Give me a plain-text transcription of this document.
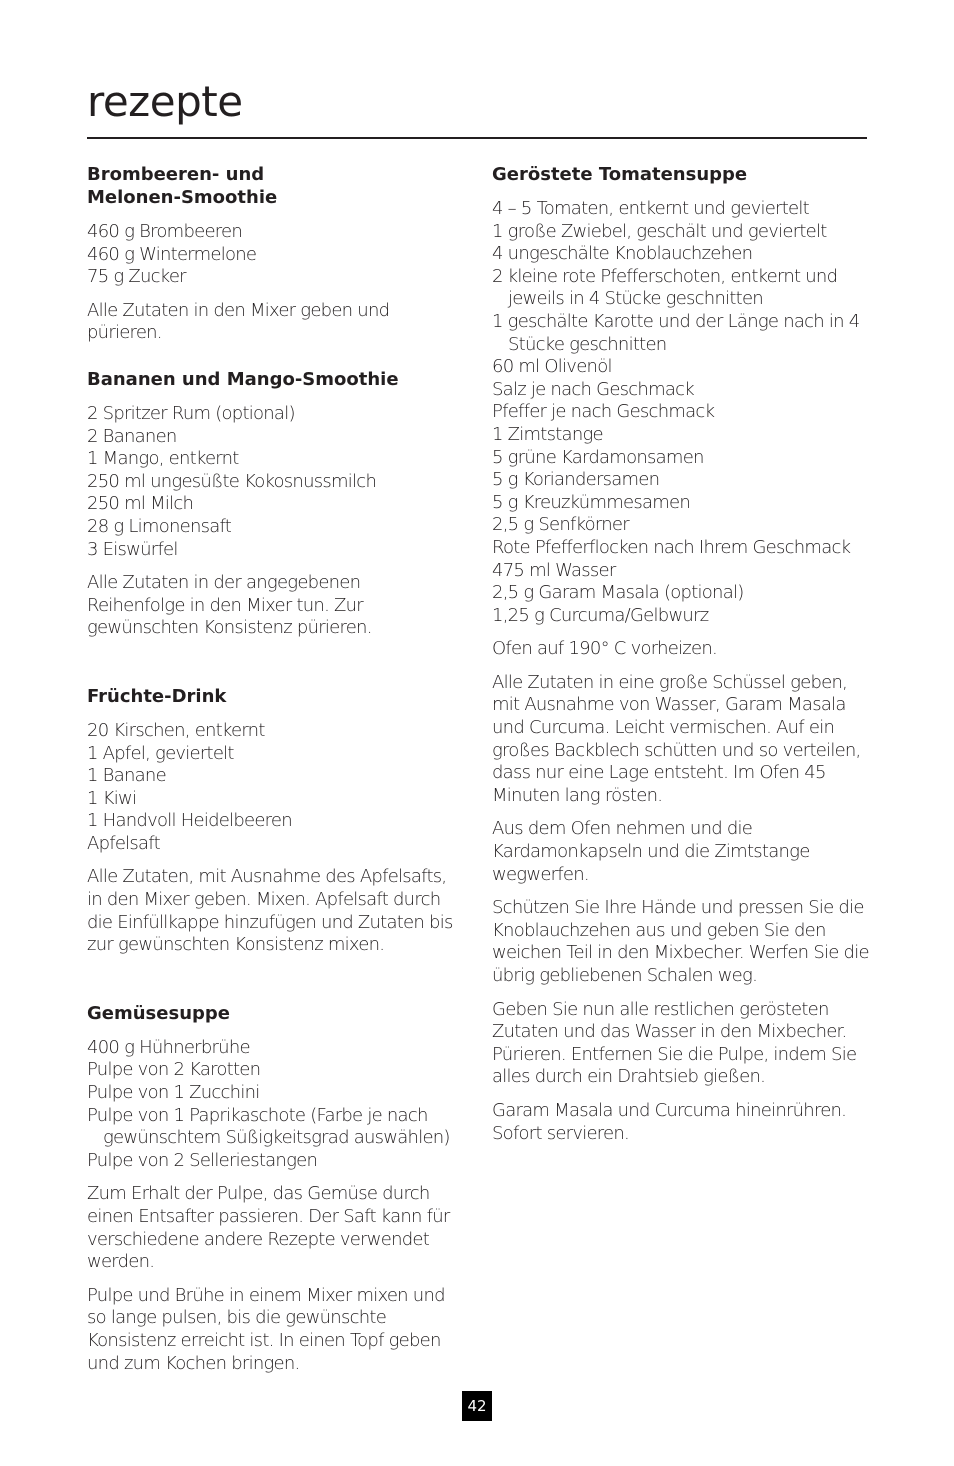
rezepte
Brombeeren- und
Melonen-Smoothie
460 g Brombeeren
460 g Wintermelone
75 g Zucker

Alle Zutaten in den Mixer geben und pürieren.

Bananen und Mango-Smoothie
2 Spritzer Rum (optional)
2 Bananen
1 Mango, entkernt
250 ml ungesüßte Kokosnussmilch
250 ml Milch
28 g Limonensaft
3 Eiswürfel

Alle Zutaten in der angegebenen Reihenfolge in den Mixer tun. Zur gewünschten Konsistenz pürieren.

Früchte-Drink
20 Kirschen, entkernt
1 Apfel, geviertelt
1 Banane
1 Kiwi
1 Handvoll Heidelbeeren
Apfelsaft

Alle Zutaten, mit Ausnahme des Apfelsafts, in den Mixer geben. Mixen. Apfelsaft durch die Einfüllkappe hinzufügen und Zutaten bis zur gewünschten Konsistenz mixen.

Gemüsesuppe
400 g Hühnerbrühe
Pulpe von 2 Karotten
Pulpe von 1 Zucchini
Pulpe von 1 Paprikaschote (Farbe je nach gewünschtem Süßigkeitsgrad auswählen)
Pulpe von 2 Selleriestangen

Zum Erhalt der Pulpe, das Gemüse durch einen Entsafter passieren. Der Saft kann für verschiedene andere Rezepte verwendet werden.

Pulpe und Brühe in einem Mixer mixen und so lange pulsen, bis die gewünschte Konsistenz erreicht ist. In einen Topf geben und zum Kochen bringen.

Geröstete Tomatensuppe
4 – 5 Tomaten, entkernt und geviertelt
1 große Zwiebel, geschält und geviertelt
4 ungeschälte Knoblauchzehen
2 kleine rote Pfefferschoten, entkernt und jeweils in 4 Stücke geschnitten
1 geschälte Karotte und der Länge nach in 4 Stücke geschnitten
60 ml Olivenöl
Salz je nach Geschmack
Pfeffer je nach Geschmack
1 Zimtstange
5 grüne Kardamonsamen
5 g Koriandersamen
5 g Kreuzkümmesamen
2,5 g Senfkörner
Rote Pfefferflocken nach Ihrem Geschmack
475 ml Wasser
2,5 g Garam Masala (optional)
1,25 g Curcuma/Gelbwurz

Ofen auf 190° C vorheizen.

Alle Zutaten in eine große Schüssel geben, mit Ausnahme von Wasser, Garam Masala und Curcuma. Leicht vermischen. Auf ein großes Backblech schütten und so verteilen, dass nur eine Lage entsteht. Im Ofen 45 Minuten lang rösten.

Aus dem Ofen nehmen und die Kardamonkapseln und die Zimtstange wegwerfen.

Schützen Sie Ihre Hände und pressen Sie die Knoblauchzehen aus und geben Sie den weichen Teil in den Mixbecher. Werfen Sie die übrig gebliebenen Schalen weg.

Geben Sie nun alle restlichen gerösteten Zutaten und das Wasser in den Mixbecher. Pürieren. Entfernen Sie die Pulpe, indem Sie alles durch ein Drahtsieb gießen.

Garam Masala und Curcuma hineinrühren. Sofort servieren.

42
